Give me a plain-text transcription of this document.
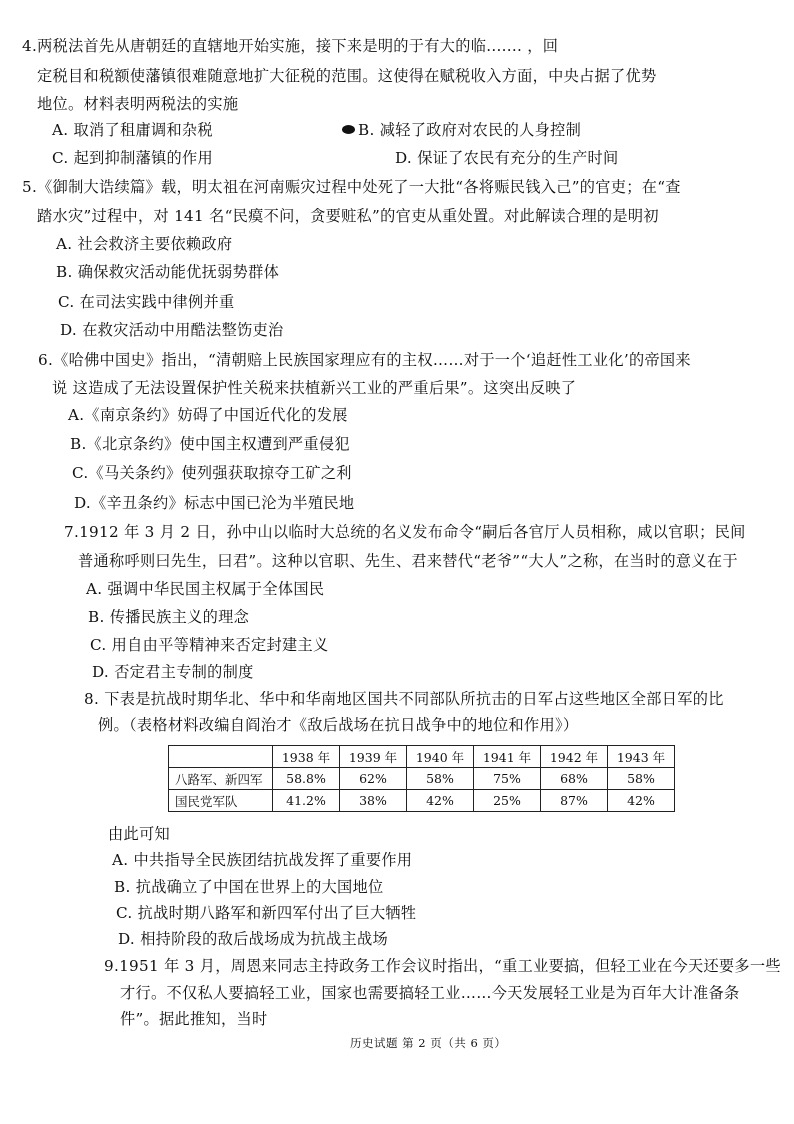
4.两税法首先从唐朝廷的直辖地开始实施，接下来是明的于有大的临....... ，回
定税目和税额使藩镇很难随意地扩大征税的范围。这使得在赋税收入方面，中央占据了优势
地位。材料表明两税法的实施
A. 取消了租庸调和杂税	B. 减轻了政府对农民的人身控制
C. 起到抑制藩镇的作用	D. 保证了农民有充分的生产时间
5.《御制大诰续篇》载，明太祖在河南赈灾过程中处死了一大批“各将赈民钱入己”的官吏；在“查
踏水灾”过程中，对 141 名“民瘼不问，贪要赃私”的官吏从重处置。对此解读合理的是明初
A. 社会救济主要依赖政府
B. 确保救灾活动能优抚弱势群体
C. 在司法实践中律例并重
D. 在救灾活动中用酷法整饬吏治
6.《哈佛中国史》指出，“清朝赔上民族国家理应有的主权……对于一个‘追赶性工业化’的帝国来
说 这造成了无法设置保护性关税来扶植新兴工业的严重后果”。这突出反映了
A.《南京条约》妨碍了中国近代化的发展
B.《北京条约》使中国主权遭到严重侵犯
C.《马关条约》使列强获取掠夺工矿之利
D.《辛丑条约》标志中国已沦为半殖民地
7.1912 年 3 月 2 日，孙中山以临时大总统的名义发布命令“嗣后各官厅人员相称，咸以官职；民间
普通称呼则曰先生，曰君”。这种以官职、先生、君来替代“老爷”“大人”之称，在当时的意义在于
A. 强调中华民国主权属于全体国民
B. 传播民族主义的理念
C. 用自由平等精神来否定封建主义
D. 否定君主专制的制度
8. 下表是抗战时期华北、华中和华南地区国共不同部队所抗击的日军占这些地区全部日军的比
例。（表格材料改编自阎治才《敌后战场在抗日战争中的地位和作用》）
	1938 年	1939 年	1940 年	1941 年	1942 年	1943 年
八路军、新四军	58.8%	62%	58%	75%	68%	58%
国民党军队	41.2%	38%	42%	25%	87%	42%
由此可知
A. 中共指导全民族团结抗战发挥了重要作用
B. 抗战确立了中国在世界上的大国地位
C. 抗战时期八路军和新四军付出了巨大牺牲
D. 相持阶段的敌后战场成为抗战主战场
9.1951 年 3 月，周恩来同志主持政务工作会议时指出，“重工业要搞，但轻工业在今天还要多一些
才行。不仅私人要搞轻工业，国家也需要搞轻工业……今天发展轻工业是为百年大计准备条
件”。据此推知，当时
历史试题 第 2 页（共 6 页）
